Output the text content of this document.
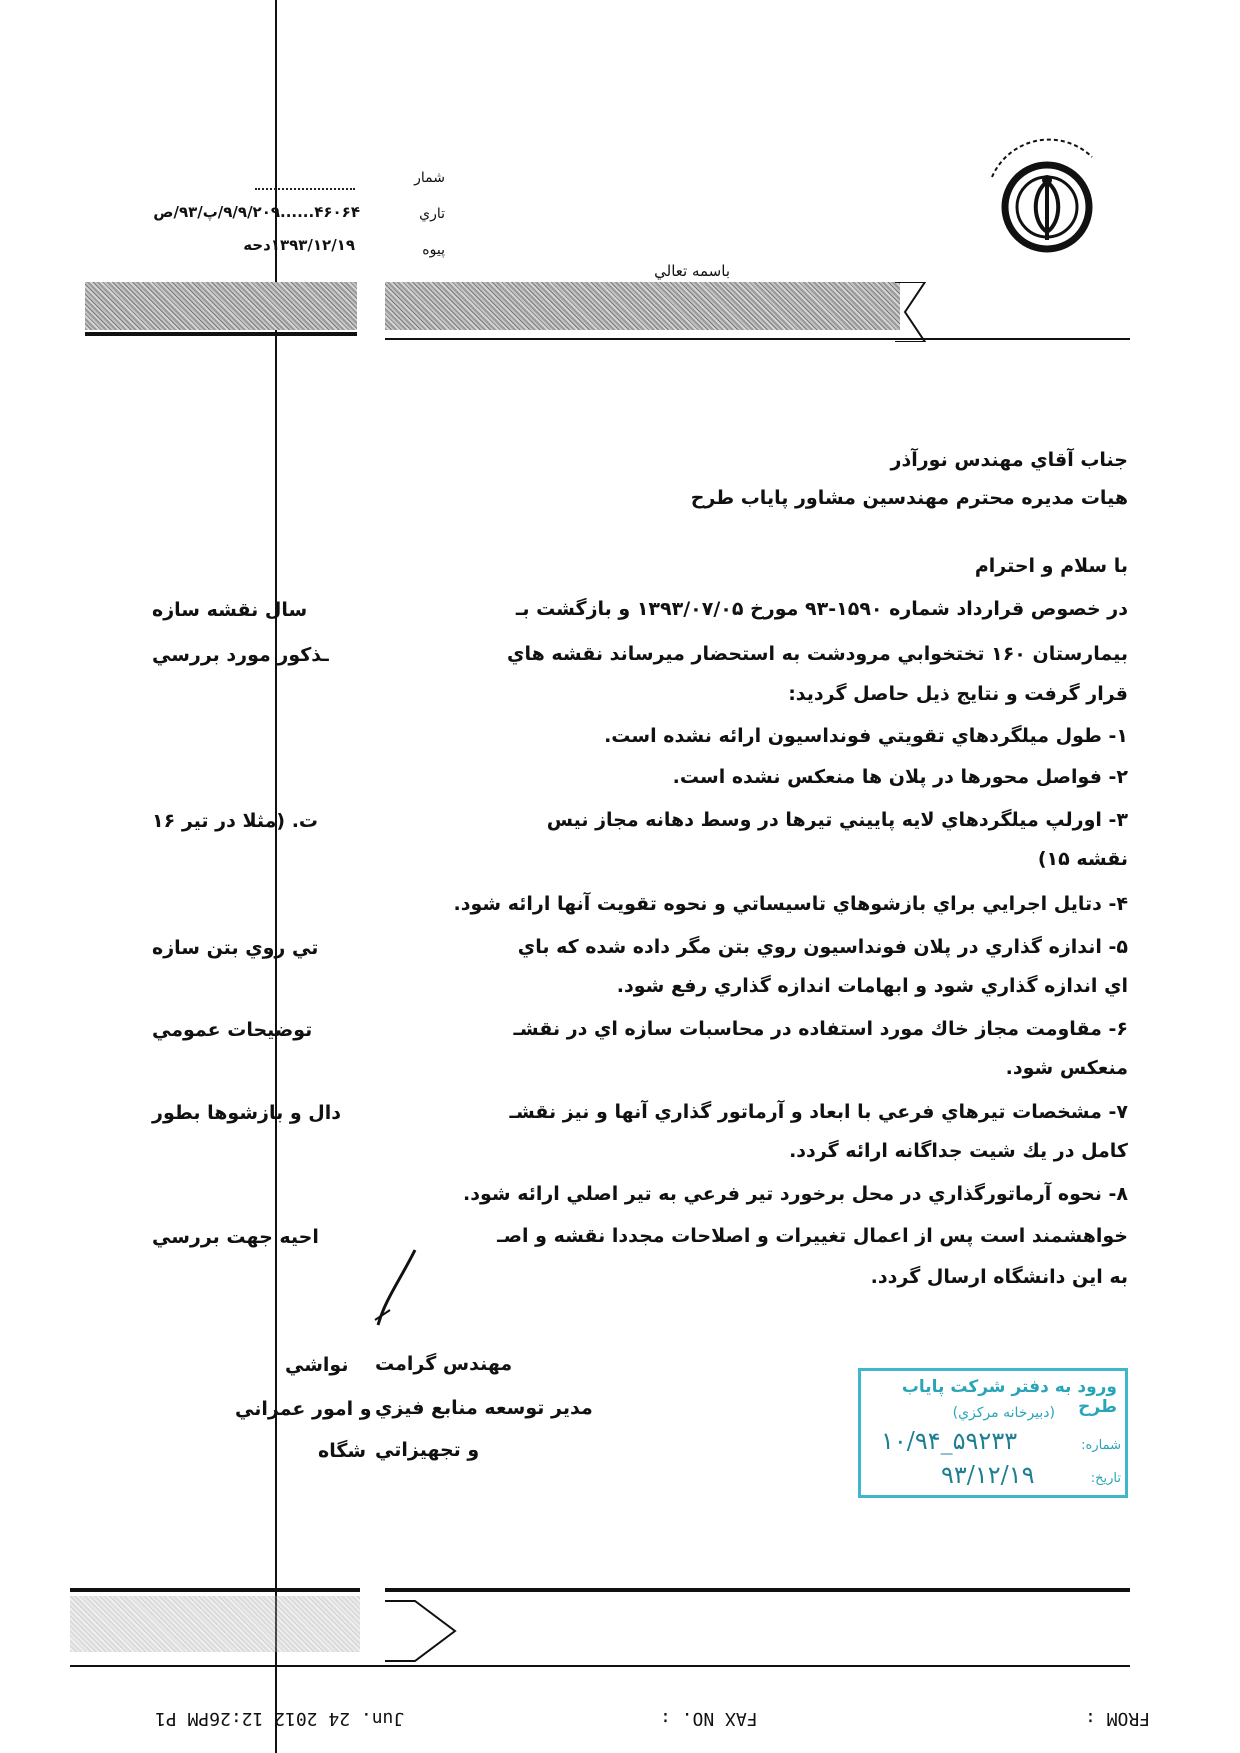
شمار
تاري
۴۶۰۶۴......۹/۹/۲۰۹/پ/۹۳/ص
پيوه
۱۳۹۳/۱۲/۱۹دحه
باسمه تعالي
جناب آقاي مهندس نورآذر
هيات مديره محترم مهندسين مشاور پاياب طرح
با سلام و احترام
در خصوص قرارداد شماره ۱۵۹۰-۹۳ مورخ ۱۳۹۳/۰۷/۰۵ و بازگشت بـ
سال نقشه سازه
بيمارستان ۱۶۰ تختخوابي مرودشت به استحضار ميرساند نقشه هاي
ـذكور مورد بررسي
قرار گرفت و نتايج ذيل حاصل گرديد:
۱- طول ميلگردهاي تقويتي فونداسيون ارائه نشده است.
۲- فواصل محورها در پلان ها منعكس نشده است.
۳- اورلپ ميلگردهاي لايه پاييني تيرها در وسط دهانه مجاز نيس
ت. (مثلا در تير ۱۶
نقشه ۱۵)
۴- دتايل اجرايي براي بازشوهاي تاسيساتي و نحوه تقويت آنها ارائه شود.
۵- اندازه گذاري در پلان فونداسيون روي بتن مگر داده شده كه باي
تي روي بتن سازه
اي اندازه گذاري شود و ابهامات اندازه گذاري رفع شود.
۶- مقاومت مجاز خاك مورد استفاده در محاسبات سازه اي در نقشـ
توضيحات عمومي
منعكس شود.
۷- مشخصات تيرهاي فرعي با ابعاد و آرماتور گذاري آنها و نيز نقشـ
دال و بازشوها بطور
كامل در يك شيت جداگانه ارائه گردد.
۸- نحوه آرماتورگذاري در محل برخورد تير فرعي به تير اصلي ارائه شود.
خواهشمند است پس از اعمال تغييرات و اصلاحات مجددا نقشه و اصـ
احيه جهت بررسي
به اين دانشگاه ارسال گردد.
مهندس گرامت
نواشي
مدير توسعه منابع فيزي
و امور عمراني
و تجهيزاتي
شگاه
ورود به دفتر شركت پاياب طرح
(دبيرخانه مركزي)
شماره:
۱۰/۹۴_۵۹۲۳۳
تاريخ:
۹۳/۱۲/۱۹
FROM :
FAX NO. :
Jun. 24 2012 12:26PM P1
